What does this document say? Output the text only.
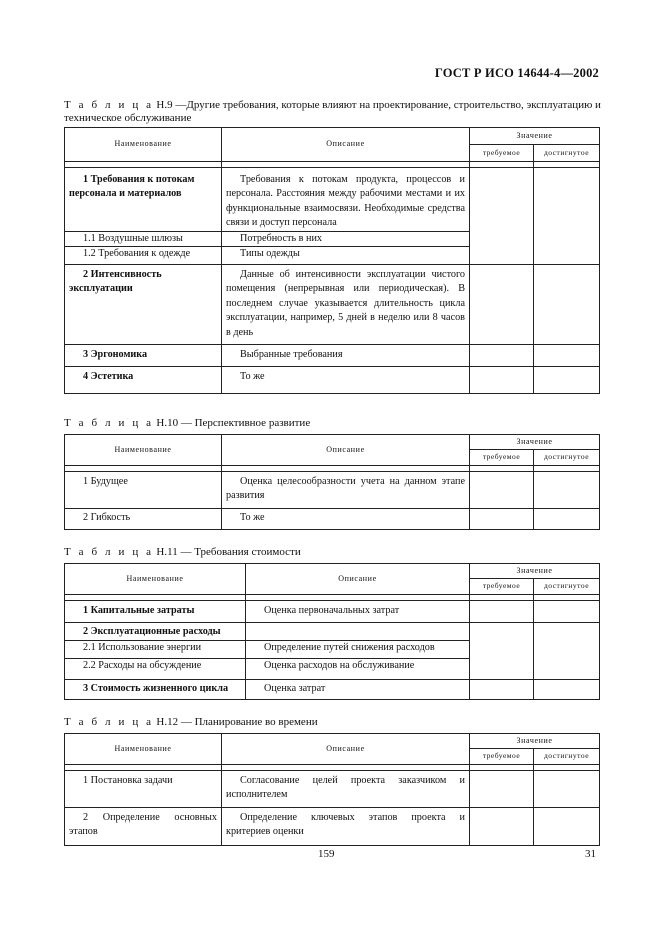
ГОСТ Р ИСО 14644-4—2002
Т а б л и ц а Н.9 —Другие требования, которые влияют на проектирование, строительство, эксплуатацию и техническое обслуживание
Наименование	Описание	Значение	
		требуемое	достигнутое

1 Требования к потокам персонала и материалов	Требования к потокам продукта, процессов и персонала. Расстояния между рабочими местами и их функциональные взаимосвязи. Необходимые средства связи и доступ персонала		
1.1 Воздушные шлюзы	Потребность в них		
1.2 Требования к одежде	Типы одежды		
2 Интенсивность эксплуатации	Данные об интенсивности эксплуатации чистого помещения (непрерывная или периодическая). В последнем случае указывается длительность цикла эксплуатации, например, 5 дней в неделю или 8 часов в день		
3 Эргономика	Выбранные требования		
4 Эстетика	То же		
Т а б л и ц а Н.10 — Перспективное развитие
Наименование	Описание	Значение	
		требуемое	достигнутое

1 Будущее	Оценка целесообразности учета на данном этапе развития		
2 Гибкость	То же		
Т а б л и ц а Н.11 — Требования стоимости
Наименование	Описание	Значение	
		требуемое	достигнутое

1 Капитальные затраты	Оценка первоначальных затрат		
2 Эксплуатационные расходы			
2.1 Использование энергии	Определение путей снижения расходов		
2.2 Расходы на обсуждение	Оценка расходов на обслуживание		
3 Стоимость жизненного цикла	Оценка затрат		
Т а б л и ц а Н.12 — Планирование во времени
Наименование	Описание	Значение	
		требуемое	достигнутое

1 Постановка задачи	Согласование целей проекта заказчиком и исполнителем		
2 Определение основных этапов	Определение ключевых этапов проекта и критериев оценки		
159	31
